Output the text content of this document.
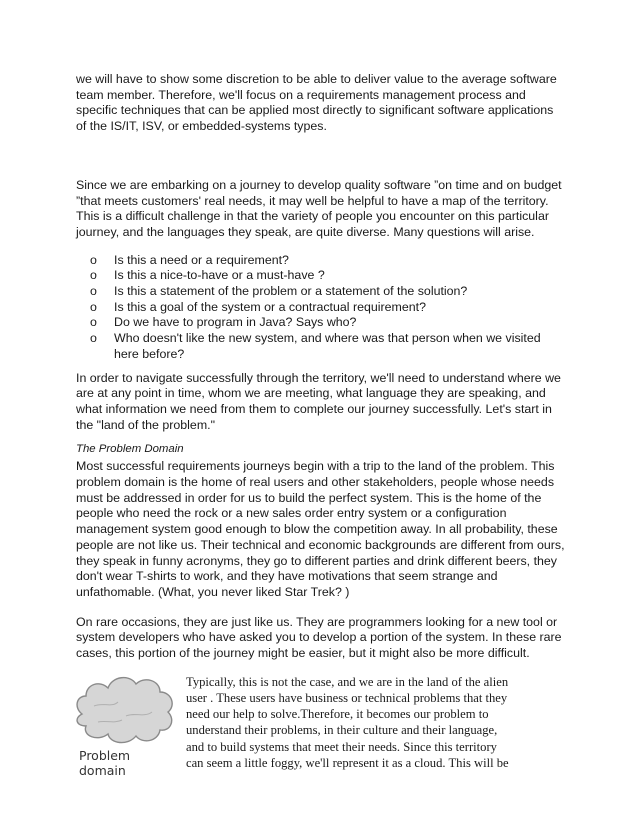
we will have to show some discretion to be able to deliver value to the average software team member. Therefore, we'll focus on a requirements management process and specific techniques that can be applied most directly to significant software applications of the IS/IT, ISV, or embedded-systems types.

Since we are embarking on a journey to develop quality software ”on time and on budget ”that meets customers' real needs, it may well be helpful to have a map of the territory. This is a difficult challenge in that the variety of people you encounter on this particular journey, and the languages they speak, are quite diverse. Many questions will arise.

o Is this a need or a requirement?
o Is this a nice-to-have or a must-have ?
o Is this a statement of the problem or a statement of the solution?
o Is this a goal of the system or a contractual requirement?
o Do we have to program in Java? Says who?
o Who doesn't like the new system, and where was that person when we visited here before?

In order to navigate successfully through the territory, we'll need to understand where we are at any point in time, whom we are meeting, what language they are speaking, and what information we need from them to complete our journey successfully. Let's start in the "land of the problem."

The Problem Domain

Most successful requirements journeys begin with a trip to the land of the problem. This problem domain is the home of real users and other stakeholders, people whose needs must be addressed in order for us to build the perfect system. This is the home of the people who need the rock or a new sales order entry system or a configuration management system good enough to blow the competition away. In all probability, these people are not like us. Their technical and economic backgrounds are different from ours, they speak in funny acronyms, they go to different parties and drink different beers, they don't wear T-shirts to work, and they have motivations that seem strange and unfathomable. (What, you never liked Star Trek? )

On rare occasions, they are just like us. They are programmers looking for a new tool or system developers who have asked you to develop a portion of the system. In these rare cases, this portion of the journey might be easier, but it might also be more difficult.

Problem domain
Typically, this is not the case, and we are in the land of the alien user . These users have business or technical problems that they need our help to solve.Therefore, it becomes our problem to understand their problems, in their culture and their language, and to build systems that meet their needs. Since this territory can seem a little foggy, we'll represent it as a cloud. This will be
